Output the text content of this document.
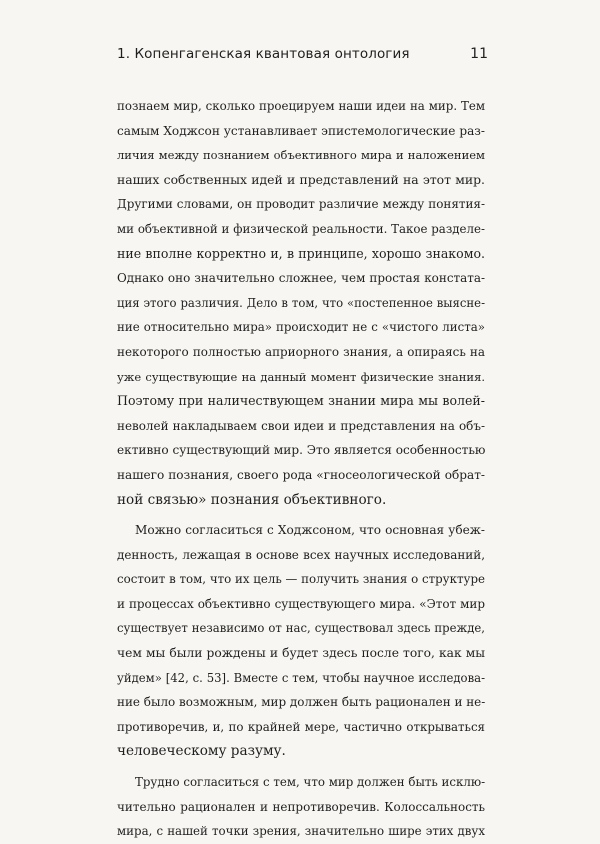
1. Копенгагенская квантовая онтология	11
познаем мир, сколько проецируем наши идеи на мир. Тем
самым Ходжсон устанавливает эпистемологические раз-
личия между познанием объективного мира и наложением
наших собственных идей и представлений на этот мир.
Другими словами, он проводит различие между понятия-
ми объективной и физической реальности. Такое разделе-
ние вполне корректно и, в принципе, хорошо знакомо.
Однако оно значительно сложнее, чем простая констата-
ция этого различия. Дело в том, что «постепенное выясне-
ние относительно мира» происходит не с «чистого листа»
некоторого полностью априорного знания, а опираясь на
уже существующие на данный момент физические знания.
Поэтому при наличествующем знании мира мы волей-
неволей накладываем свои идеи и представления на объ-
ективно существующий мир. Это является особенностью
нашего познания, своего рода «гносеологической обрат-
ной связью» познания объективного.
Можно согласиться с Ходжсоном, что основная убеж-
денность, лежащая в основе всех научных исследований,
состоит в том, что их цель — получить знания о структуре
и процессах объективно существующего мира. «Этот мир
существует независимо от нас, существовал здесь прежде,
чем мы были рождены и будет здесь после того, как мы
уйдем» [42, с. 53]. Вместе с тем, чтобы научное исследова-
ние было возможным, мир должен быть рационален и не-
противоречив, и, по крайней мере, частично открываться
человеческому разуму.
Трудно согласиться с тем, что мир должен быть исклю-
чительно рационален и непротиворечив. Колоссальность
мира, с нашей точки зрения, значительно шире этих двух
